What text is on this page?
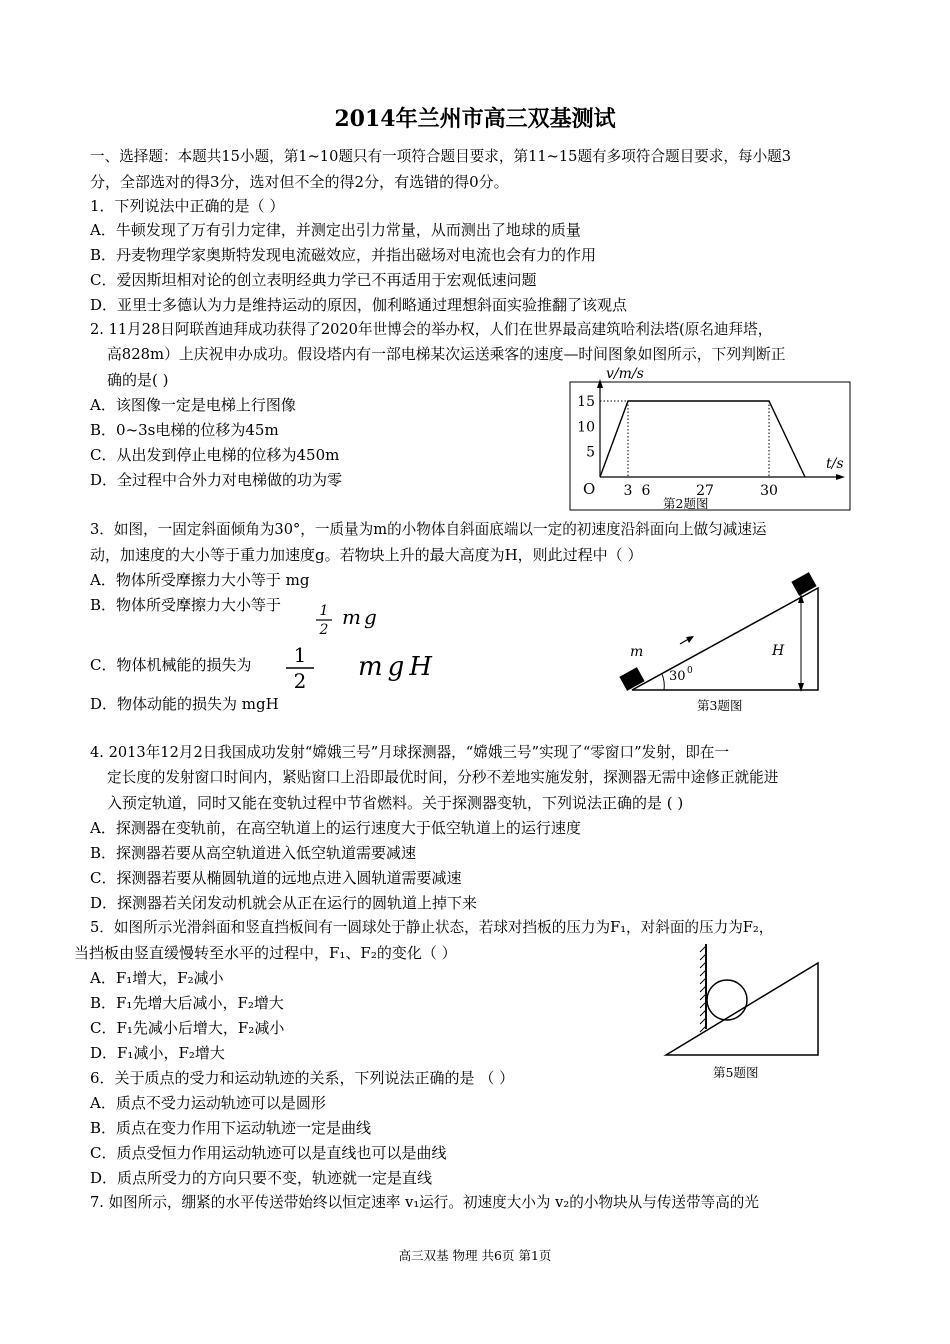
2014年兰州市高三双基测试
一、选择题：本题共15小题，第1~10题只有一项符合题目要求，第11~15题有多项符合题目要求，每小题3
分，全部选对的得3分，选对但不全的得2分，有选错的得0分。
1．下列说法中正确的是（ ）
A．牛顿发现了万有引力定律，并测定出引力常量，从而测出了地球的质量
B．丹麦物理学家奥斯特发现电流磁效应，并指出磁场对电流也会有力的作用
C．爱因斯坦相对论的创立表明经典力学已不再适用于宏观低速问题
D．亚里士多德认为力是维持运动的原因，伽利略通过理想斜面实验推翻了该观点
2. 11月28日阿联酋迪拜成功获得了2020年世博会的举办权，人们在世界最高建筑哈利法塔(原名迪拜塔，
高828m）上庆祝申办成功。假设塔内有一部电梯某次运送乘客的速度—时间图象如图所示，下列判断正
确的是( )
A．该图像一定是电梯上行图像
B．0~3s电梯的位移为45m
C．从出发到停止电梯的位移为450m
D．全过程中合外力对电梯做的功为零
15
10
5
3 6	27	30
v/m/s
t/s
O
第2题图
3．如图，一固定斜面倾角为30°，一质量为m的小物体自斜面底端以一定的初速度沿斜面向上做匀减速运
动，加速度的大小等于重力加速度g。若物块上升的最大高度为H，则此过程中（ ）
A．物体所受摩擦力大小等于 mg
B．物体所受摩擦力大小等于	1
2
mg
C．物体机械能的损失为 1
2 mgH
D．物体动能的损失为 mgH
m	H
30 0
第3题图
4. 2013年12月2日我国成功发射“嫦娥三号”月球探测器，“嫦娥三号”实现了“零窗口”发射，即在一
定长度的发射窗口时间内，紧贴窗口上沿即最优时间，分秒不差地实施发射，探测器无需中途修正就能进
入预定轨道，同时又能在变轨过程中节省燃料。关于探测器变轨，下列说法正确的是 ( )
A．探测器在变轨前，在高空轨道上的运行速度大于低空轨道上的运行速度
B．探测器若要从高空轨道进入低空轨道需要减速
C．探测器若要从椭圆轨道的远地点进入圆轨道需要减速
D．探测器若关闭发动机就会从正在运行的圆轨道上掉下来
5．如图所示光滑斜面和竖直挡板间有一圆球处于静止状态，若球对挡板的压力为F₁，对斜面的压力为F₂，
当挡板由竖直缓慢转至水平的过程中，F₁、F₂的变化（ ）
A．F₁增大，F₂减小
B．F₁先增大后减小，F₂增大
C．F₁先减小后增大，F₂减小
D．F₁减小，F₂增大
第5题图
6．关于质点的受力和运动轨迹的关系，下列说法正确的是 （ ）
A．质点不受力运动轨迹可以是圆形
B．质点在变力作用下运动轨迹一定是曲线
C．质点受恒力作用运动轨迹可以是直线也可以是曲线
D．质点所受力的方向只要不变，轨迹就一定是直线
7. 如图所示，绷紧的水平传送带始终以恒定速率 v₁运行。初速度大小为 v₂的小物块从与传送带等高的光
高三双基 物理 共6页 第1页
